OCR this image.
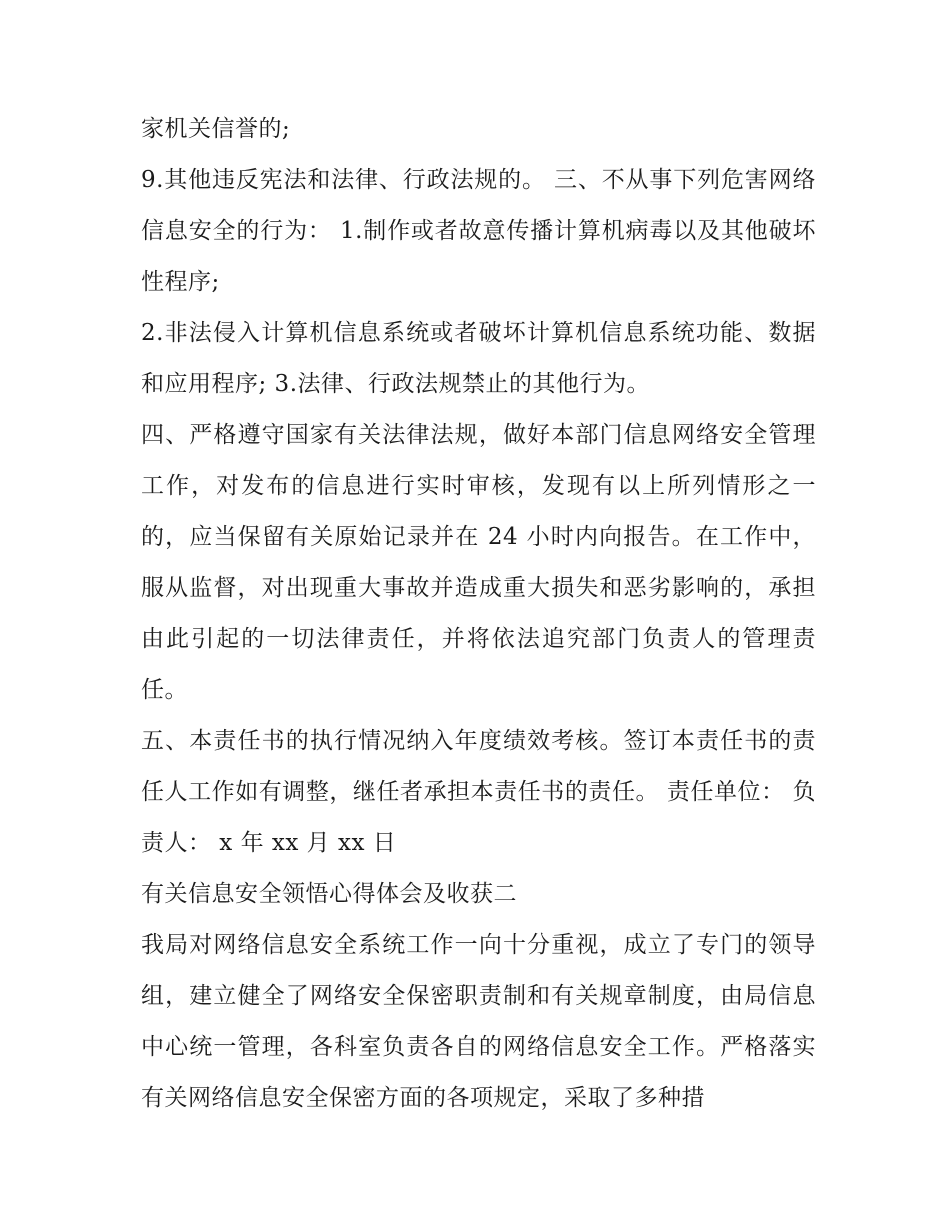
家机关信誉的;

9.其他违反宪法和法律、行政法规的。 三、不从事下列危害网络信息安全的行为： 1.制作或者故意传播计算机病毒以及其他破坏性程序;

2.非法侵入计算机信息系统或者破坏计算机信息系统功能、数据和应用程序; 3.法律、行政法规禁止的其他行为。

四、严格遵守国家有关法律法规，做好本部门信息网络安全管理工作，对发布的信息进行实时审核，发现有以上所列情形之一的，应当保留有关原始记录并在 24 小时内向报告。在工作中，服从监督，对出现重大事故并造成重大损失和恶劣影响的，承担由此引起的一切法律责任，并将依法追究部门负责人的管理责任。

五、本责任书的执行情况纳入年度绩效考核。签订本责任书的责任人工作如有调整，继任者承担本责任书的责任。 责任单位： 负责人： x 年 xx 月 xx 日

有关信息安全领悟心得体会及收获二

我局对网络信息安全系统工作一向十分重视，成立了专门的领导组，建立健全了网络安全保密职责制和有关规章制度，由局信息中心统一管理，各科室负责各自的网络信息安全工作。严格落实有关网络信息安全保密方面的各项规定，采取了多种措
